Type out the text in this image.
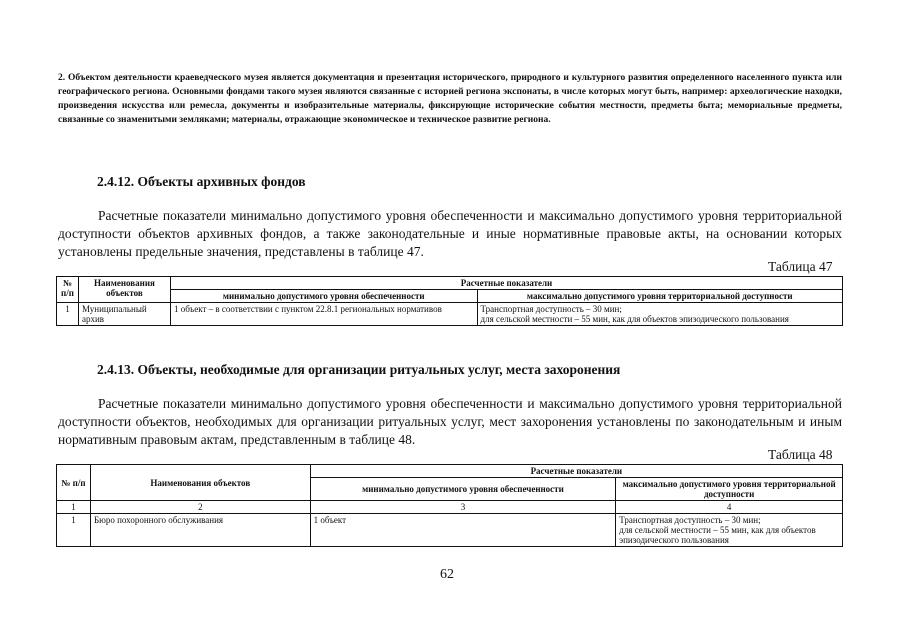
2. Объектом деятельности краеведческого музея является документация и презентация исторического, природного и культурного развития определенного населенного пункта или географического региона. Основными фондами такого музея являются связанные с историей региона экспонаты, в числе которых могут быть, например: археологические находки, произведения искусства или ремесла, документы и изобразительные материалы, фиксирующие исторические события местности, предметы быта; мемориальные предметы, связанные со знаменитыми земляками; материалы, отражающие экономическое и техническое развитие региона.
2.4.12. Объекты архивных фондов
Расчетные показатели минимально допустимого уровня обеспеченности и максимально допустимого уровня территориальной доступности объектов архивных фондов, а также законодательные и иные нормативные правовые акты, на основании которых установлены предельные значения, представлены в таблице 47.
Таблица 47
№ п/п	Наименования объектов	Расчетные показатели	
		минимально допустимого уровня обеспеченности	максимально допустимого уровня территориальной доступности
1	Муниципальный архив	1 объект – в соответствии с пунктом 22.8.1 региональных нормативов	Транспортная доступность – 30 мин;
для сельской местности – 55 мин, как для объектов эпизодического пользования
2.4.13. Объекты, необходимые для организации ритуальных услуг, места захоронения
Расчетные показатели минимально допустимого уровня обеспеченности и максимально допустимого уровня территориальной доступности объектов, необходимых для организации ритуальных услуг, мест захоронения установлены по законодательным и иным нормативным правовым актам, представленным в таблице 48.
Таблица 48
№ п/п	Наименования объектов	Расчетные показатели	
		минимально допустимого уровня обеспеченности	максимально допустимого уровня территориальной доступности
1	2	3	4
1	Бюро похоронного обслуживания	1 объект	Транспортная доступность – 30 мин;
для сельской местности – 55 мин, как для объектов эпизодического пользования
62
